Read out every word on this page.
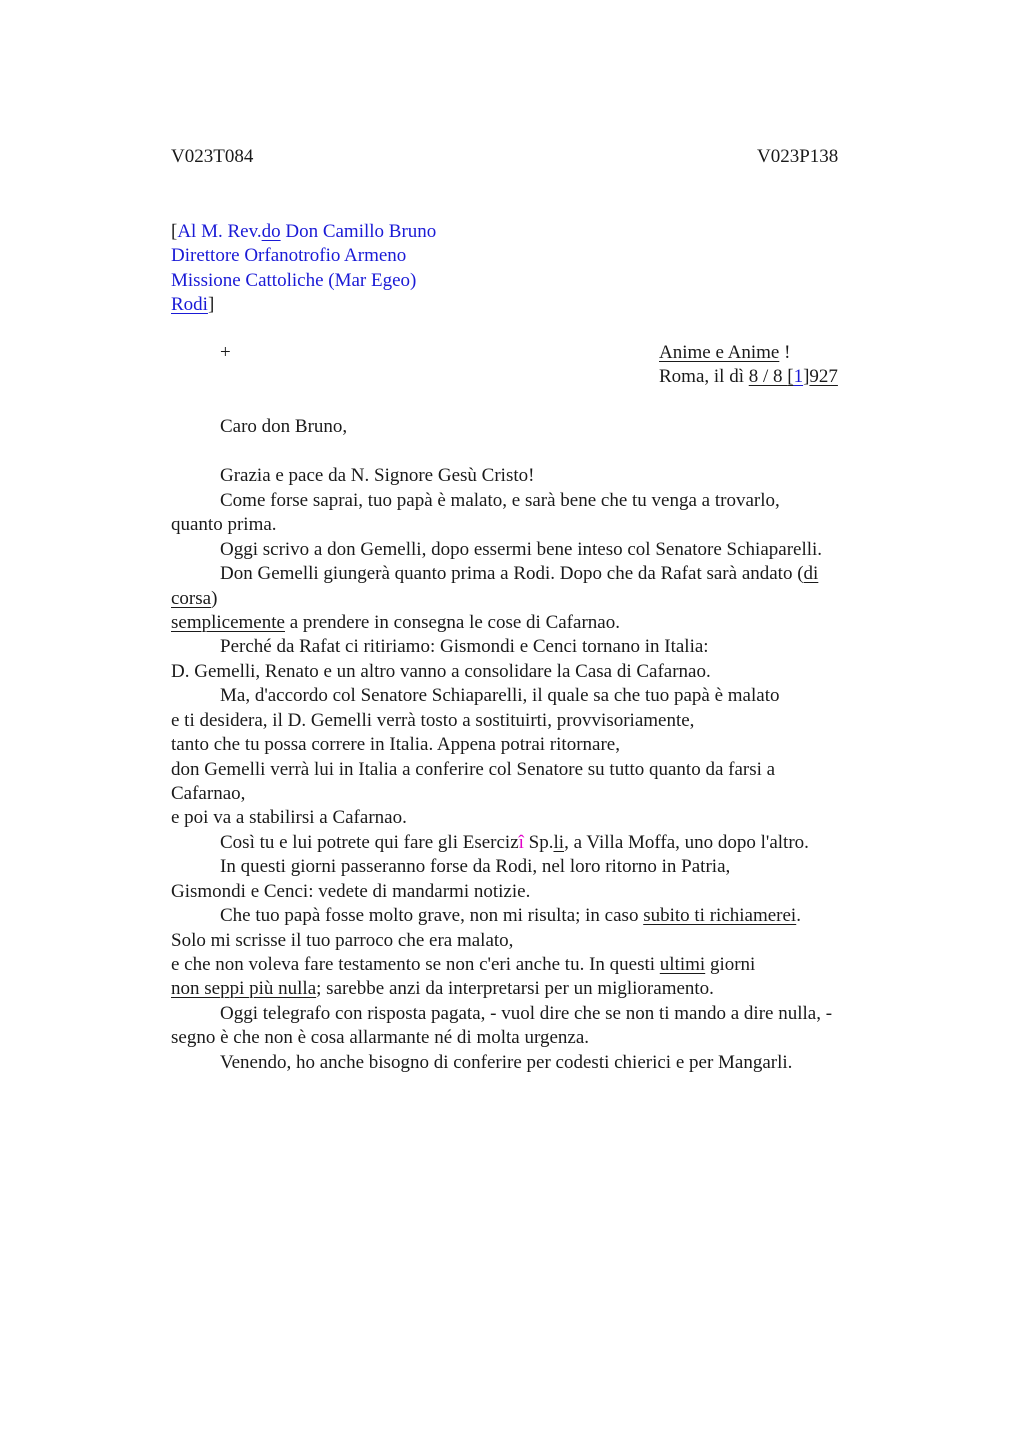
V023T084	V023P138
[Al M. Rev.do Don Camillo Bruno
Direttore Orfanotrofio Armeno
Missione Cattoliche (Mar Egeo)
Rodi]
+	Anime e Anime !
Roma, il dì 8 / 8 [1]927
Caro don Bruno,
Grazia e pace da N. Signore Gesù Cristo!
Come forse saprai, tuo papà è malato, e sarà bene che tu venga a trovarlo,
quanto prima.
Oggi scrivo a don Gemelli, dopo essermi bene inteso col Senatore Schiaparelli.
Don Gemelli giungerà quanto prima a Rodi. Dopo che da Rafat sarà andato (di
corsa)
semplicemente a prendere in consegna le cose di Cafarnao.
Perché da Rafat ci ritiriamo: Gismondi e Cenci tornano in Italia:
D. Gemelli, Renato e un altro vanno a consolidare la Casa di Cafarnao.
Ma, d'accordo col Senatore Schiaparelli, il quale sa che tuo papà è malato
e ti desidera, il D. Gemelli verrà tosto a sostituirti, provvisoriamente,
tanto che tu possa correre in Italia. Appena potrai ritornare,
don Gemelli verrà lui in Italia a conferire col Senatore su tutto quanto da farsi a
Cafarnao,
e poi va a stabilirsi a Cafarnao.
Così tu e lui potrete qui fare gli Esercizî Sp.li, a Villa Moffa, uno dopo l'altro.
In questi giorni passeranno forse da Rodi, nel loro ritorno in Patria,
Gismondi e Cenci: vedete di mandarmi notizie.
Che tuo papà fosse molto grave, non mi risulta; in caso subito ti richiamerei.
Solo mi scrisse il tuo parroco che era malato,
e che non voleva fare testamento se non c'eri anche tu. In questi ultimi giorni
non seppi più nulla; sarebbe anzi da interpretarsi per un miglioramento.
Oggi telegrafo con risposta pagata, - vuol dire che se non ti mando a dire nulla, -
segno è che non è cosa allarmante né di molta urgenza.
Venendo, ho anche bisogno di conferire per codesti chierici e per Mangarli.
